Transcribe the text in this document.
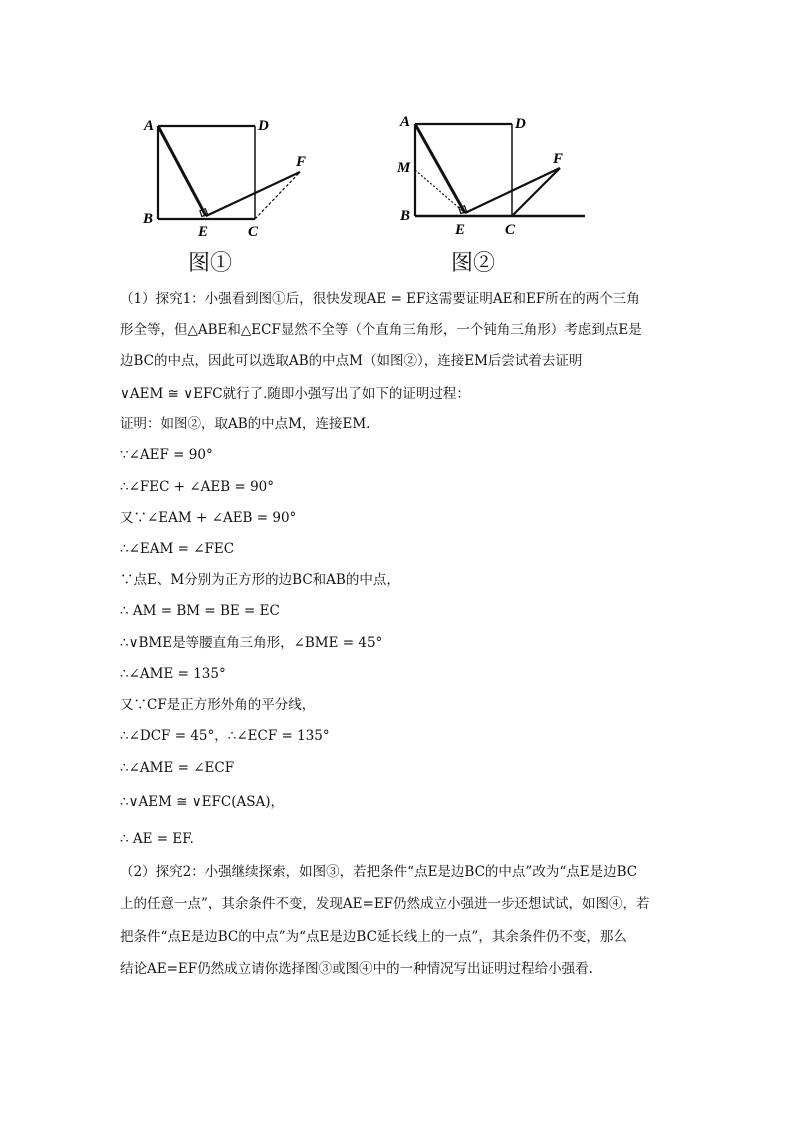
A	D
B
E	C
F
图①
A	D
M
B
E	C
F
图②
（1）探究1：小强看到图①后，很快发现AE = EF这需要证明AE和EF所在的两个三角
形全等，但△ABE和△ECF显然不全等（个直角三角形，一个钝角三角形）考虑到点E是
边BC的中点，因此可以选取AB的中点M（如图②），连接EM后尝试着去证明
∨AEM ≅ ∨EFC就行了.随即小强写出了如下的证明过程：
证明：如图②，取AB的中点M，连接EM.
∵∠AEF = 90°
∴∠FEC + ∠AEB = 90°
又∵∠EAM + ∠AEB = 90°
∴∠EAM = ∠FEC
∵点E、M分别为正方形的边BC和AB的中点，
∴ AM = BM = BE = EC
∴∨BME是等腰直角三角形，∠BME = 45°
∴∠AME = 135°
又∵CF是正方形外角的平分线，
∴∠DCF = 45°，∴∠ECF = 135°
∴∠AME = ∠ECF
∴∨AEM ≅ ∨EFC(ASA)，
∴ AE = EF.
（2）探究2：小强继续探索，如图③，若把条件“点E是边BC的中点”改为“点E是边BC
上的任意一点”，其余条件不变，发现AE=EF仍然成立小强进一步还想试试，如图④，若
把条件“点E是边BC的中点”为“点E是边BC延长线上的一点”，其余条件仍不变，那么
结论AE=EF仍然成立请你选择图③或图④中的一种情况写出证明过程给小强看.
